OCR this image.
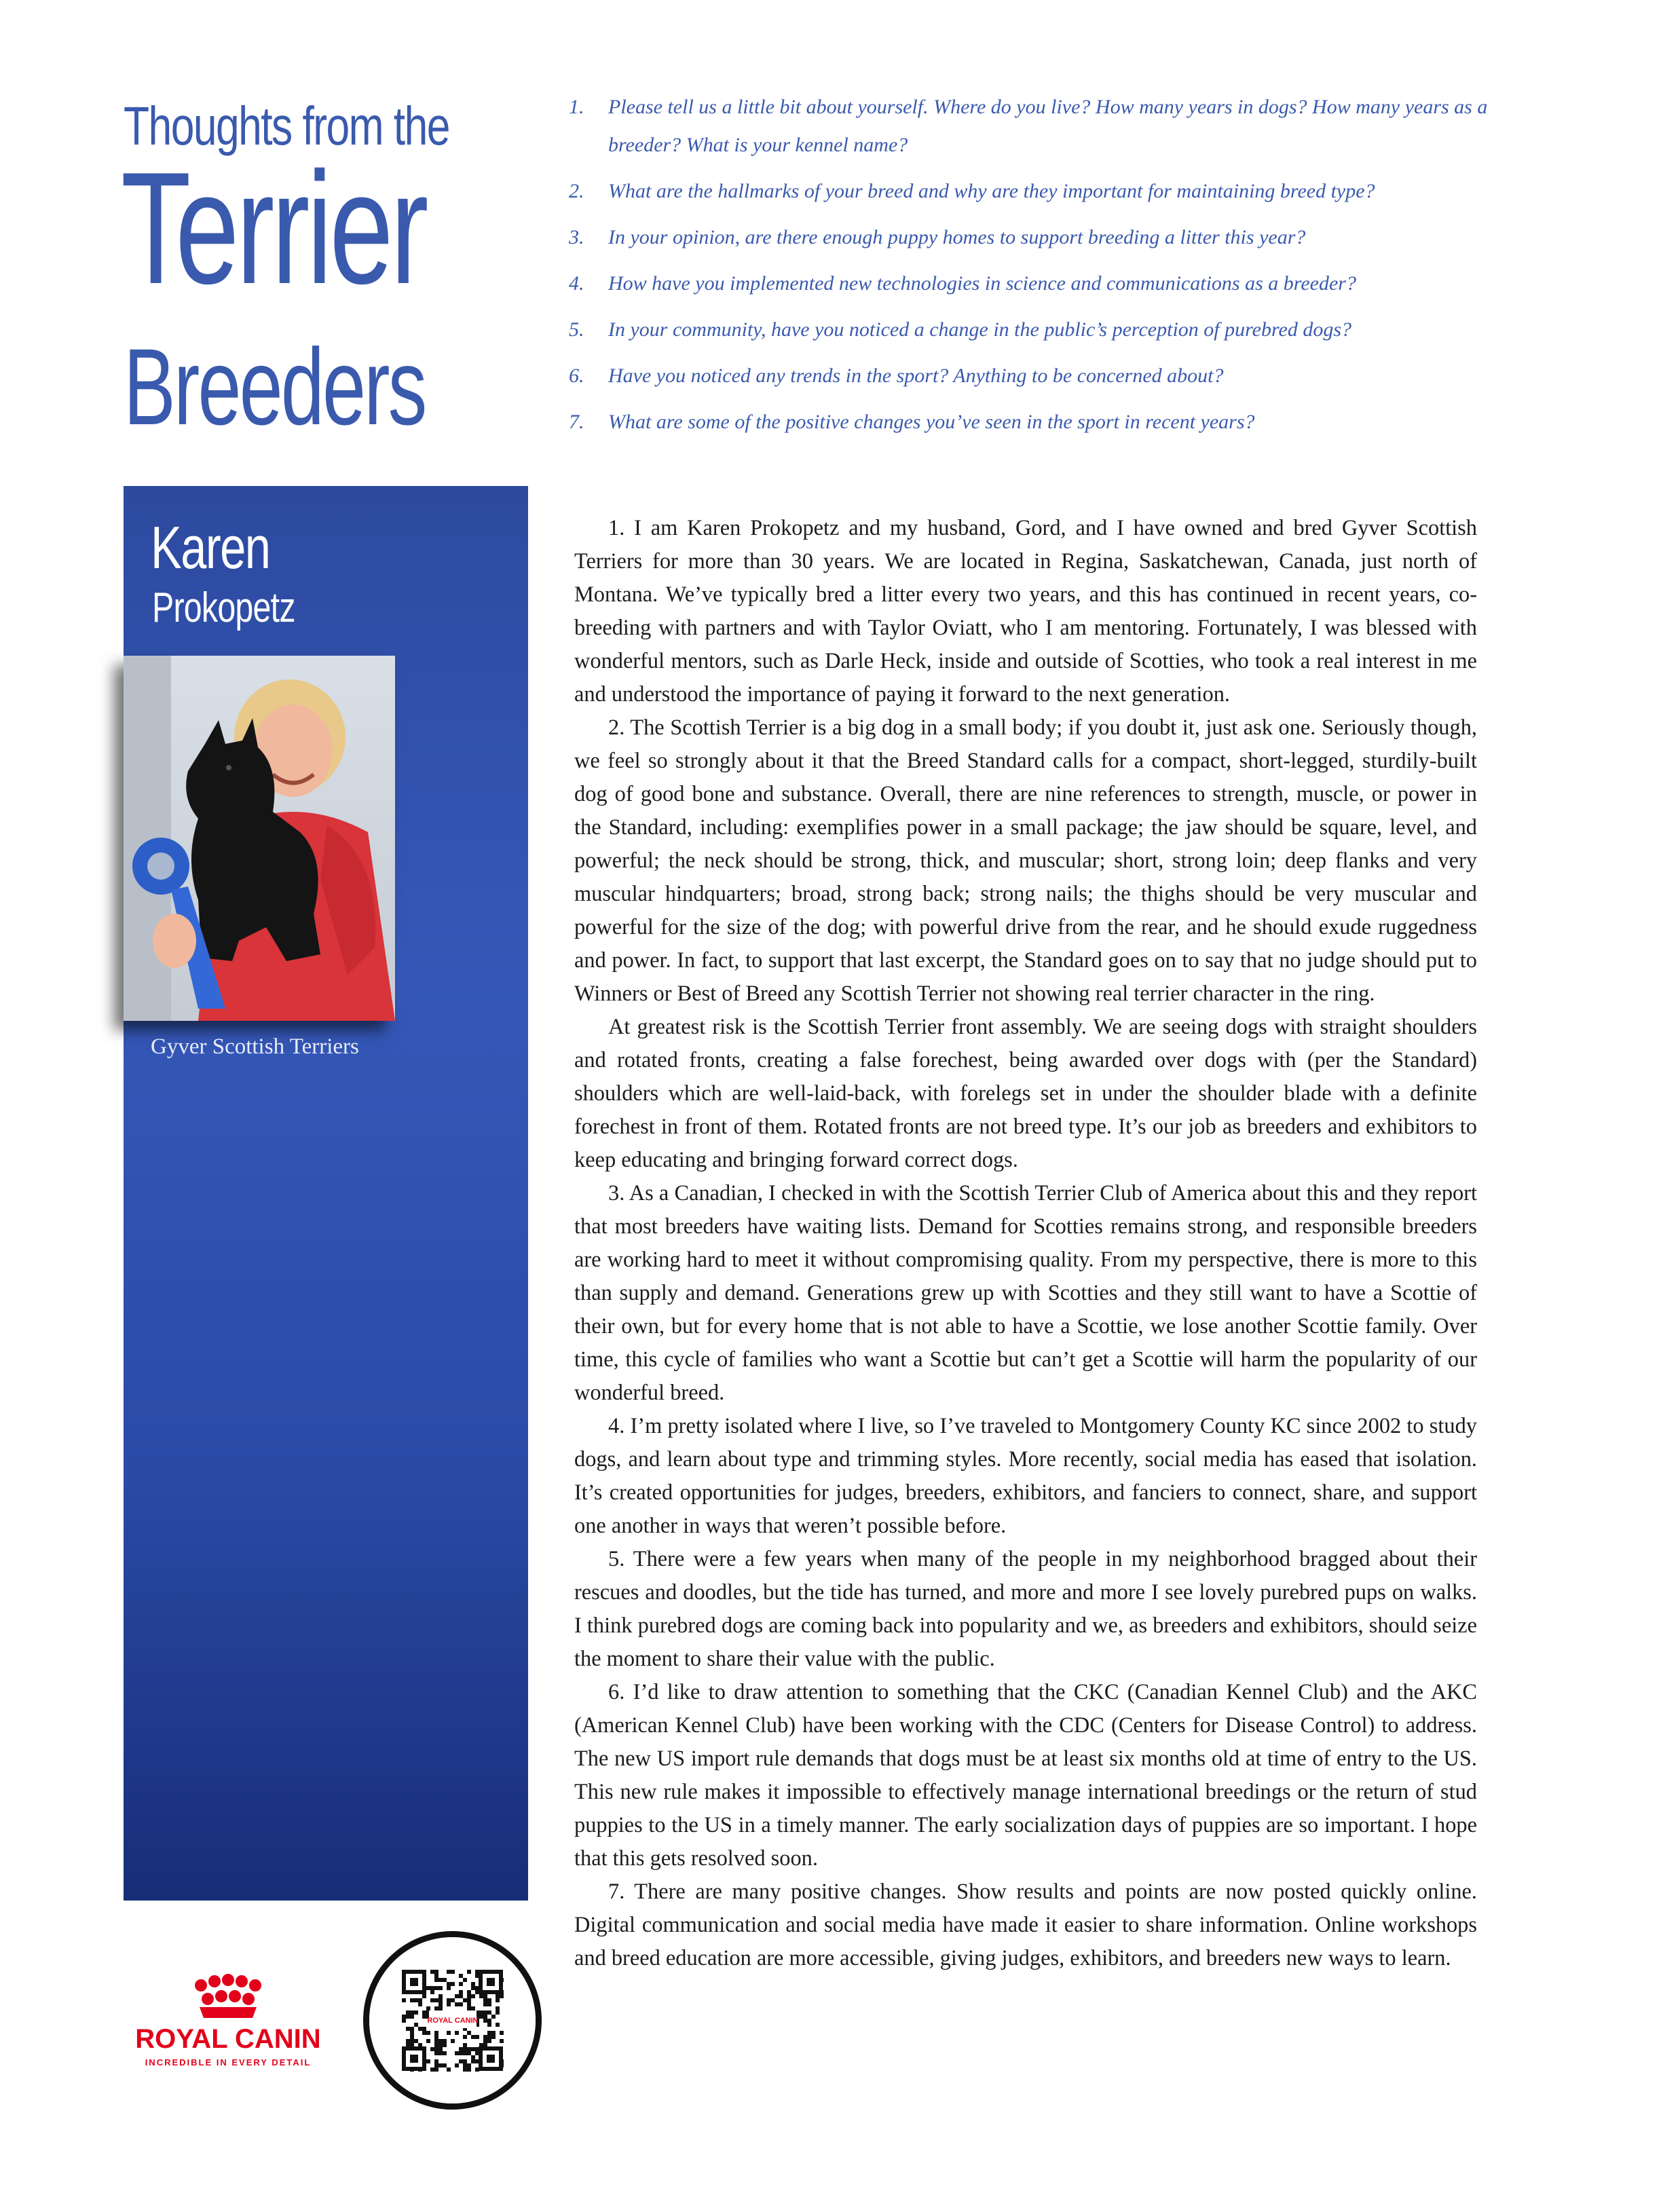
Thoughts from the
Terrier
Breeders
1.	Please tell us a little bit about yourself. Where do you live? How many years in dogs? How many years as a breeder? What is your kennel name?
2.	What are the hallmarks of your breed and why are they important for maintaining breed type?
3.	In your opinion, are there enough puppy homes to support breeding a litter this year?
4.	How have you implemented new technologies in science and communications as a breeder?
5.	In your community, have you noticed a change in the public’s perception of purebred dogs?
6.	Have you noticed any trends in the sport? Anything to be concerned about?
7.	What are some of the positive changes you’ve seen in the sport in recent years?
Karen
Prokopetz
Gyver Scottish Terriers

1. I am Karen Prokopetz and my husband, Gord, and I have owned and bred Gyver Scottish Terriers for more than 30 years. We are located in Regina, Saskatchewan, Canada, just north of Montana. We’ve typically bred a litter every two years, and this has continued in recent years, co-breeding with partners and with Taylor Oviatt, who I am mentoring. Fortunately, I was blessed with wonderful mentors, such as Darle Heck, inside and outside of Scotties, who took a real interest in me and understood the importance of paying it forward to the next generation.

2. The Scottish Terrier is a big dog in a small body; if you doubt it, just ask one. Seriously though, we feel so strongly about it that the Breed Standard calls for a compact, short-legged, sturdily-built dog of good bone and substance. Overall, there are nine references to strength, muscle, or power in the Standard, including: exemplifies power in a small package; the jaw should be square, level, and powerful; the neck should be strong, thick, and muscular; short, strong loin; deep flanks and very muscular hindquarters; broad, strong back; strong nails; the thighs should be very muscular and powerful for the size of the dog; with powerful drive from the rear, and he should exude ruggedness and power. In fact, to support that last excerpt, the Standard goes on to say that no judge should put to Winners or Best of Breed any Scottish Terrier not showing real terrier character in the ring.

At greatest risk is the Scottish Terrier front assembly. We are seeing dogs with straight shoulders and rotated fronts, creating a false forechest, being awarded over dogs with (per the Standard) shoulders which are well-laid-back, with forelegs set in under the shoulder blade with a definite forechest in front of them. Rotated fronts are not breed type. It’s our job as breeders and exhibitors to keep educating and bringing forward correct dogs.

3. As a Canadian, I checked in with the Scottish Terrier Club of America about this and they report that most breeders have waiting lists. Demand for Scotties remains strong, and responsible breeders are working hard to meet it without compromising quality. From my perspective, there is more to this than supply and demand. Generations grew up with Scotties and they still want to have a Scottie of their own, but for every home that is not able to have a Scottie, we lose another Scottie family. Over time, this cycle of families who want a Scottie but can’t get a Scottie will harm the popularity of our wonderful breed.

4. I’m pretty isolated where I live, so I’ve traveled to Montgomery County KC since 2002 to study dogs, and learn about type and trimming styles. More recently, social media has eased that isolation. It’s created opportunities for judges, breeders, exhibitors, and fanciers to connect, share, and support one another in ways that weren’t possible before.

5. There were a few years when many of the people in my neighborhood bragged about their rescues and doodles, but the tide has turned, and more and more I see lovely purebred pups on walks. I think purebred dogs are coming back into popularity and we, as breeders and exhibitors, should seize the moment to share their value with the public.

6. I’d like to draw attention to something that the CKC (Canadian Kennel Club) and the AKC (American Kennel Club) have been working with the CDC (Centers for Disease Control) to address. The new US import rule demands that dogs must be at least six months old at time of entry to the US. This new rule makes it impossible to effectively manage international breedings or the return of stud puppies to the US in a timely manner. The early socialization days of puppies are so important. I hope that this gets resolved soon.

7. There are many positive changes. Show results and points are now posted quickly online. Digital communication and social media have made it easier to share information. Online workshops and breed education are more accessible, giving judges, exhibitors, and breeders new ways to learn.

ROYAL CANIN
INCREDIBLE IN EVERY DETAIL
ROYAL CANIN
